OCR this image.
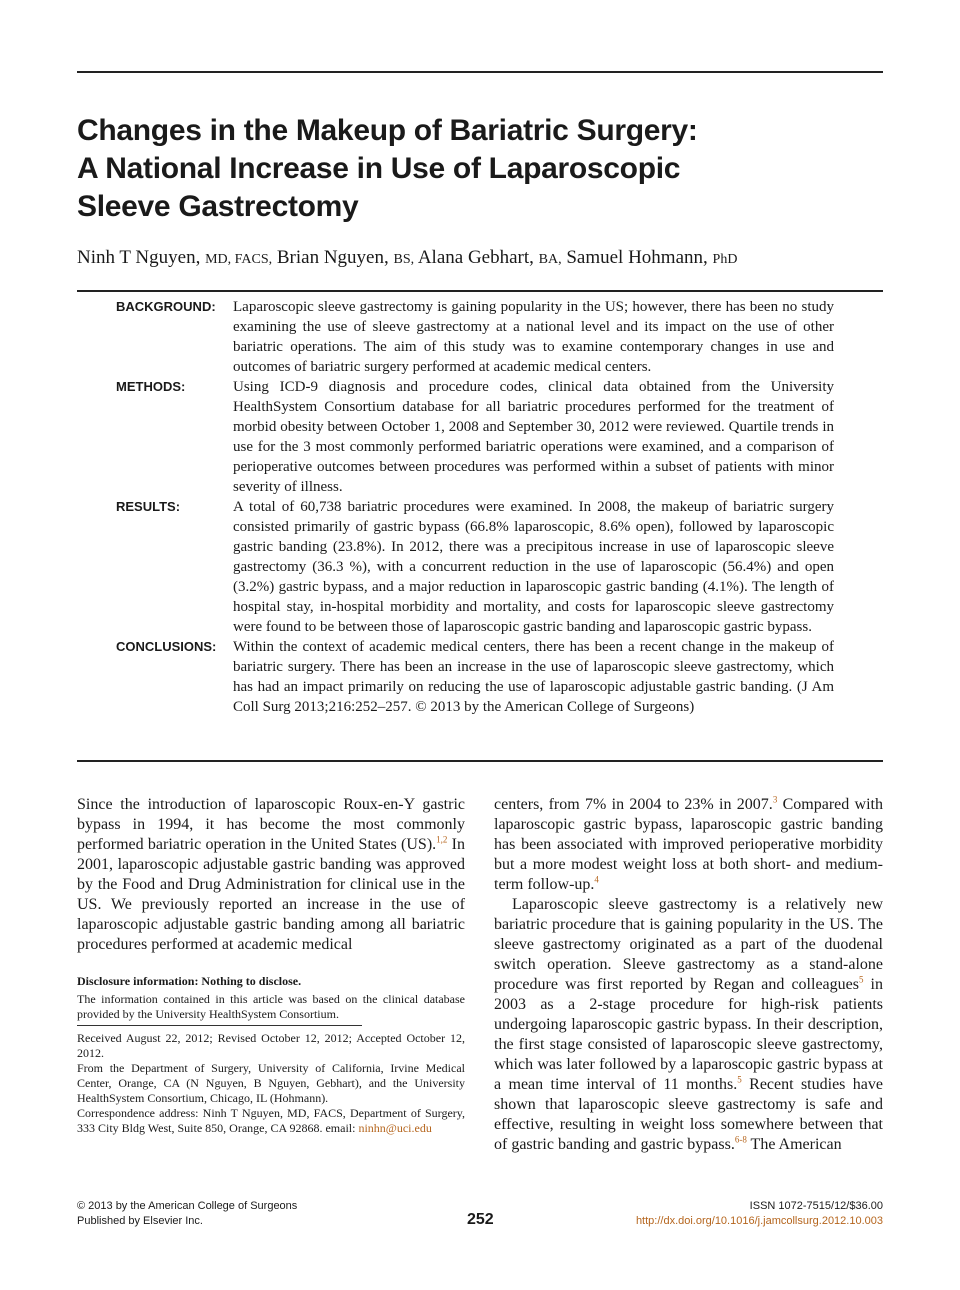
Changes in the Makeup of Bariatric Surgery:
A National Increase in Use of Laparoscopic
Sleeve Gastrectomy
Ninh T Nguyen, MD, FACS, Brian Nguyen, BS, Alana Gebhart, BA, Samuel Hohmann, PhD
BACKGROUND: Laparoscopic sleeve gastrectomy is gaining popularity in the US; however, there has been no study examining the use of sleeve gastrectomy at a national level and its impact on the use of other bariatric operations. The aim of this study was to examine contemporary changes in use and outcomes of bariatric surgery performed at academic medical centers.
METHODS:	Using ICD-9 diagnosis and procedure codes, clinical data obtained from the University HealthSystem Consortium database for all bariatric procedures performed for the treatment of morbid obesity between October 1, 2008 and September 30, 2012 were reviewed. Quartile trends in use for the 3 most commonly performed bariatric operations were examined, and a comparison of perioperative outcomes between procedures was performed within a subset of patients with minor severity of illness.
RESULTS:	A total of 60,738 bariatric procedures were examined. In 2008, the makeup of bariatric surgery consisted primarily of gastric bypass (66.8% laparoscopic, 8.6% open), followed by laparoscopic gastric banding (23.8%). In 2012, there was a precipitous increase in use of laparoscopic sleeve gastrectomy (36.3 %), with a concurrent reduction in the use of laparoscopic (56.4%) and open (3.2%) gastric bypass, and a major reduction in laparoscopic gastric banding (4.1%). The length of hospital stay, in-hospital morbidity and mortality, and costs for laparoscopic sleeve gastrectomy were found to be between those of laparoscopic gastric banding and laparoscopic gastric bypass.
CONCLUSIONS: Within the context of academic medical centers, there has been a recent change in the makeup of bariatric surgery. There has been an increase in the use of laparoscopic sleeve gastrectomy, which has had an impact primarily on reducing the use of laparoscopic adjustable gastric banding. (J Am Coll Surg 2013;216:252–257. © 2013 by the American College of Surgeons)

Since the introduction of laparoscopic Roux-en-Y gastric bypass in 1994, it has become the most commonly performed bariatric operation in the United States (US).$^{1,2}$ In 2001, laparoscopic adjustable gastric banding was approved by the Food and Drug Administration for clinical use in the US. We previously reported an increase in the use of laparoscopic adjustable gastric banding among all bariatric procedures performed at academic medical

centers, from 7% in 2004 to 23% in 2007.$^3$ Compared with laparoscopic gastric bypass, laparoscopic gastric banding has been associated with improved perioperative morbidity but a more modest weight loss at both short- and medium-term follow-up.$^4$

Laparoscopic sleeve gastrectomy is a relatively new bariatric procedure that is gaining popularity in the US. The sleeve gastrectomy originated as a part of the duodenal switch operation. Sleeve gastrectomy as a stand-alone procedure was first reported by Regan and colleagues$^5$ in 2003 as a 2-stage procedure for high-risk patients undergoing laparoscopic gastric bypass. In their description, the first stage consisted of laparoscopic sleeve gastrectomy, which was later followed by a laparoscopic gastric bypass at a mean time interval of 11 months.$^5$ Recent studies have shown that laparoscopic sleeve gastrectomy is safe and effective, resulting in weight loss somewhere between that of gastric banding and gastric bypass.$^{6-8}$ The American

Disclosure information: Nothing to disclose.

The information contained in this article was based on the clinical database provided by the University HealthSystem Consortium.

Received August 22, 2012; Revised October 12, 2012; Accepted October 12, 2012.

From the Department of Surgery, University of California, Irvine Medical Center, Orange, CA (N Nguyen, B Nguyen, Gebhart), and the University HealthSystem Consortium, Chicago, IL (Hohmann).

Correspondence address: Ninh T Nguyen, MD, FACS, Department of Surgery, 333 City Bldg West, Suite 850, Orange, CA 92868. email: ninhn@uci.edu

© 2013 by the American College of Surgeons
Published by Elsevier Inc.	252
ISSN 1072-7515/12/$36.00
http://dx.doi.org/10.1016/j.jamcollsurg.2012.10.003
